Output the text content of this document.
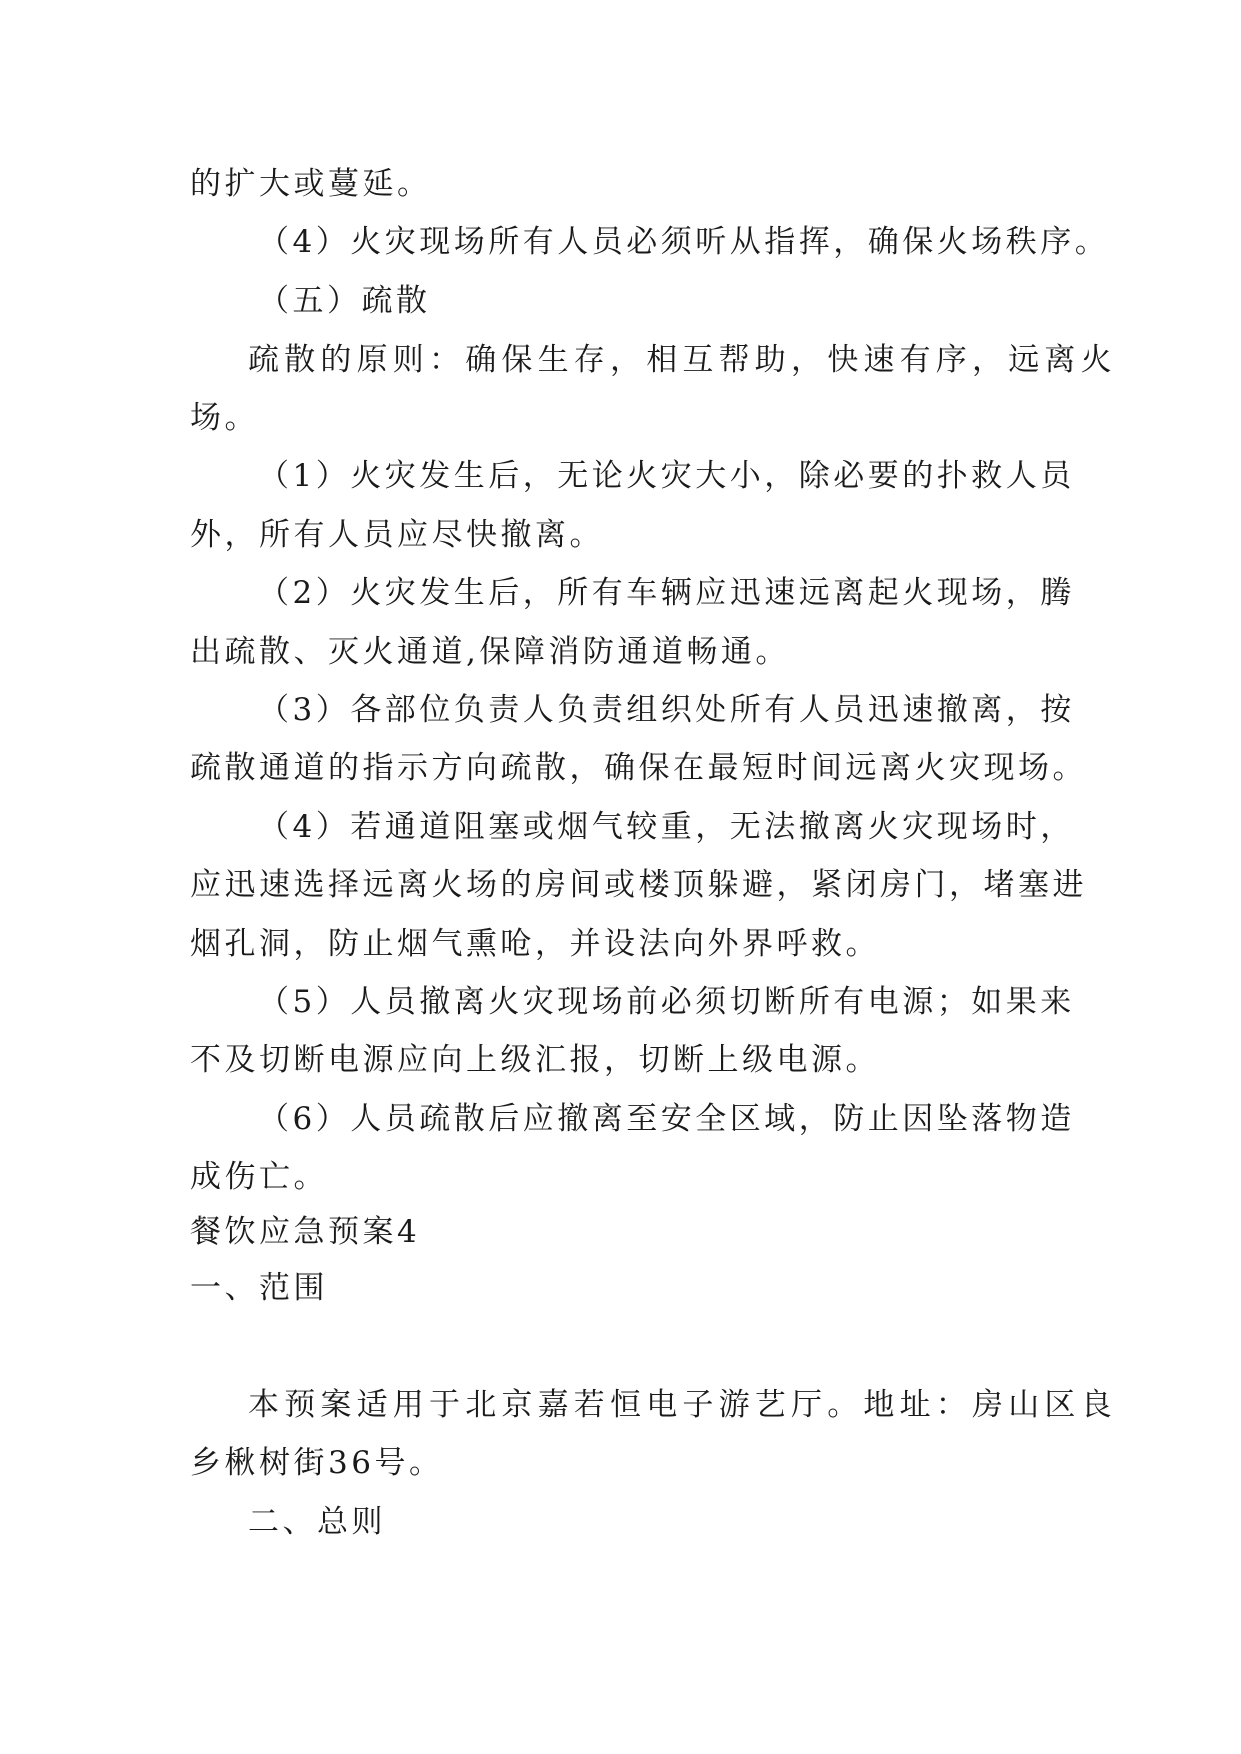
的扩大或蔓延。

（4）火灾现场所有人员必须听从指挥，确保火场秩序。

（五）疏散

疏散的原则：确保生存，相互帮助，快速有序，远离火

场。

（1）火灾发生后，无论火灾大小，除必要的扑救人员

外，所有人员应尽快撤离。

（2）火灾发生后，所有车辆应迅速远离起火现场，腾

出疏散、灭火通道,保障消防通道畅通。

（3）各部位负责人负责组织处所有人员迅速撤离，按

疏散通道的指示方向疏散，确保在最短时间远离火灾现场。

（4）若通道阻塞或烟气较重，无法撤离火灾现场时，

应迅速选择远离火场的房间或楼顶躲避，紧闭房门，堵塞进

烟孔洞，防止烟气熏呛，并设法向外界呼救。

（5）人员撤离火灾现场前必须切断所有电源；如果来

不及切断电源应向上级汇报，切断上级电源。

（6）人员疏散后应撤离至安全区域，防止因坠落物造

成伤亡。

餐饮应急预案4

一、范围

本预案适用于北京嘉若恒电子游艺厅。地址：房山区良

乡楸树街36号。

二、总则
